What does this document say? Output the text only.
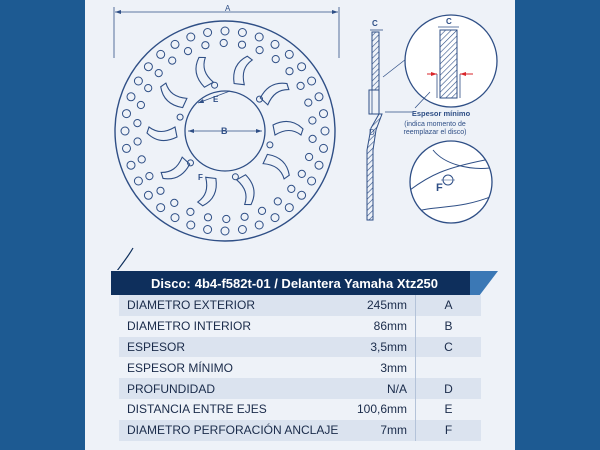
A
B
E
F
C
D
C
Espesor mínimo
(indica momento de
reemplazar el disco)
F
Disco: 4b4-f582t-01 / Delantera Yamaha Xtz250
DIAMETRO EXTERIOR	245mm	A
DIAMETRO INTERIOR	86mm	B
ESPESOR	3,5mm	C
ESPESOR MÍNIMO	3mm
PROFUNDIDAD	N/A	D
DISTANCIA ENTRE EJES	100,6mm	E
DIAMETRO PERFORACIÓN ANCLAJE	7mm	F
